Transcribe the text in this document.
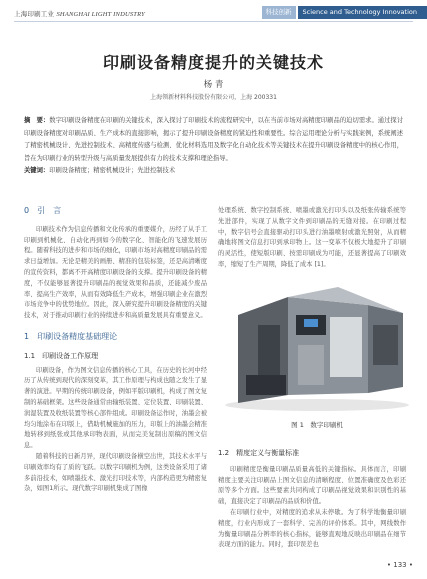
上海印刷工业 SHANGHAI LIGHT INDUSTRY	科技创新	Science and Technology Innovation
印刷设备精度提升的关键技术
杨 青
上海领新材料科技股份有限公司，上海 200331
摘　要：数字印刷设备精度在印刷的关键技术，深入探讨了印刷技术的流程研究中，以在当前市场对高精度印刷品的迫切需求。通过探讨印刷设备精度对印刷品质、生产成本的直接影响，揭示了提升印刷设备精度的紧迫性和重要性。综合运用理论分析与实践案例，系统阐述了精密机械设计、先进控制技术、高精度传感与检测、优化材料选用及数字化自动化技术等关键技术在提升印刷设备精度中的核心作用，旨在为印刷行业的转型升级与高质量发展提供有力的技术支撑和理论指导。
关键词：印刷设备精度；精密机械设计；先进控制技术

0　引　言

印刷技术作为信息传播和文化传承的重要媒介，历经了从手工印刷到机械化、自动化再到如今的数字化、智能化的飞速发展历程。随着科技的进步和市场的细化，印刷市场对高精度印刷品的需求日益增加。无论是精美的画册、精准的包装标签，还是高清晰度的宣传资料，都离不开高精度印刷设备的支撑。提升印刷设备的精度，不仅能够显著提升印刷品的视觉效果和品质，还能减少废品率、提高生产效率，从而有效降低生产成本，增强印刷企业在激烈市场竞争中的优势地位。因此，深入研究提升印刷设备精度的关键技术，对于推动印刷行业的持续进步和高质量发展具有重要意义。

1　印刷设备精度基础理论

1.1　印刷设备工作原理

印刷设备，作为图文信息传播的核心工具，在历史的长河中经历了从传统到现代的深刻变革，其工作原理与构成也随之发生了显著的演进。早期的传统印刷设备，例如平版印刷机，构成了图文复制的基础框架。这些设备通常由输纸装置、定位装置、印刷装置、润湿装置及收纸装置等核心部件组成。印刷设备运作时，油墨会被均匀地涂布在印版上，借助机械施加的压力，印版上的油墨会精准地转移到纸张或其他承印物表面，从而完美复制出原稿的图文信息。

随着科技的日新月异，现代印刷设备横空出世，其技术水平与印刷效率均有了质的飞跃。以数字印刷机为例，这类设备采用了诸多前沿技术，如喷墨技术、激光打印技术等，内部构造更为精密复杂，如图1所示。现代数字印刷机集成了图像

处理系统、数字控制系统、喷墨或激光打印头以及纸张传输系统等先进部件，实现了从数字文件到印刷品的无缝对接。在印刷过程中，数字信号会直接驱动打印头进行油墨喷射或激光照射，从而精确地将图文信息打印到承印物上。这一变革不仅极大地提升了印刷的灵活性，使短版印刷、按需印刷成为可能，还显著提高了印刷效率，缩短了生产周期，降低了成本 [1]。

图 1　数字印刷机

1.2　精度定义与衡量标准

印刷精度是衡量印刷品质量高低的关键指标。具体而言，印刷精度主要关注印刷品上图文信息的清晰程度、位置准确度及色彩还原等多个方面。这些要素共同构成了印刷品视觉效果和识别性的基础，直接决定了印刷品的品质和价值。

在印刷行业中，对精度的追求从未停歇。为了科学地衡量印刷精度，行业内形成了一套科学、完善的评价体系。其中，网线数作为衡量印刷品分辨率的核心指标，能够直观地反映出印刷品在细节表现方面的能力。同时，套印误差也

• 133 •
